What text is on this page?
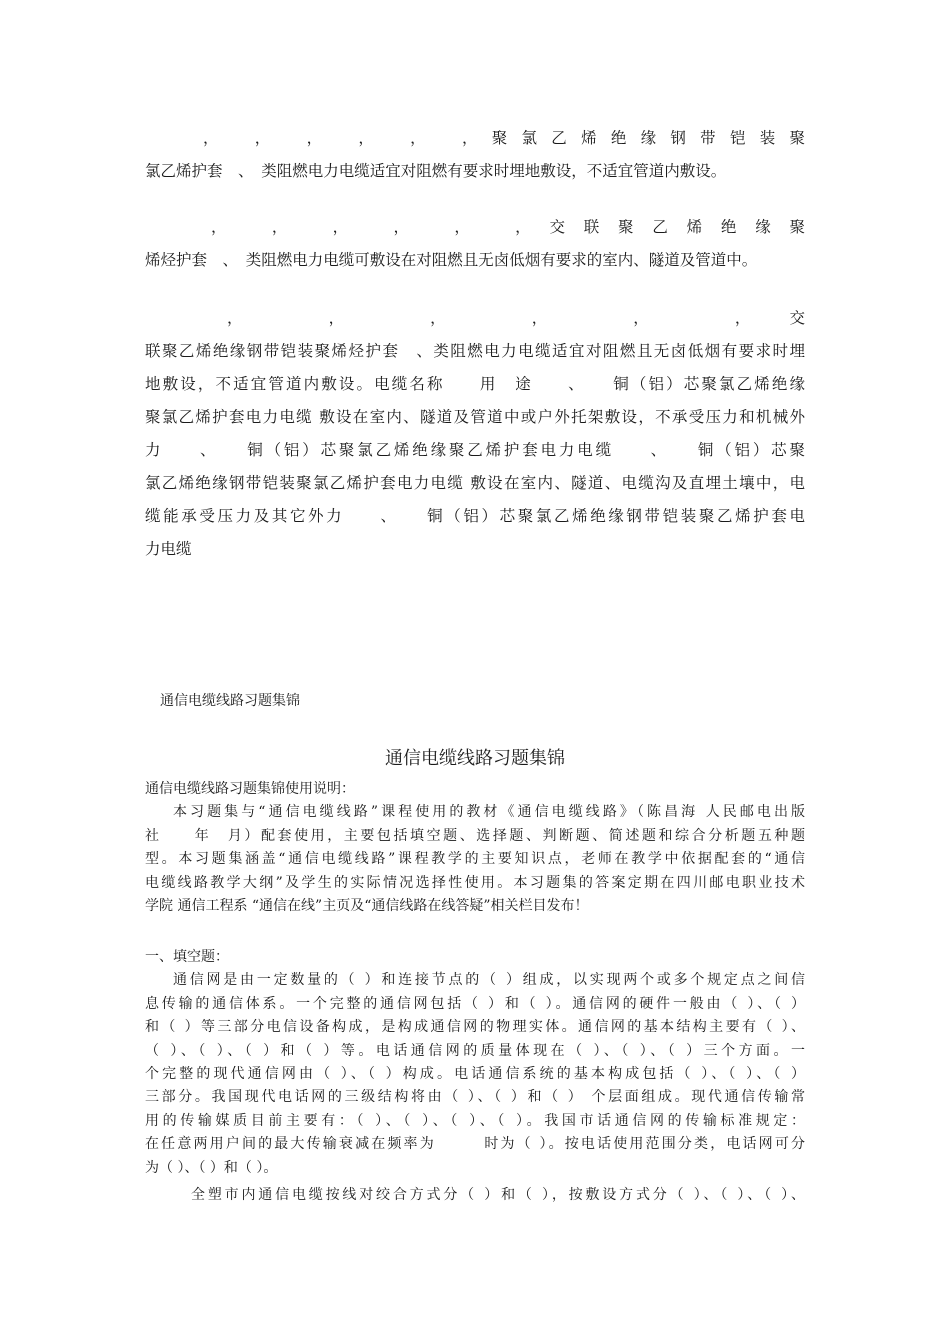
，　，　，　，　，　，聚氯乙烯绝缘钢带铠装聚
氯乙烯护套　、　类阻燃电力电缆适宜对阻燃有要求时埋地敷设，不适宜管道内敷设。
，　，　，　，　，　，交联聚乙烯绝缘聚
烯烃护套　、　类阻燃电力电缆可敷设在对阻燃且无卤低烟有要求的室内、隧道及管道中。
，　，　，　，　，　，交
联聚乙烯绝缘钢带铠装聚烯烃护套　、类阻燃电力电缆适宜对阻燃且无卤低烟有要求时埋
地敷设，不适宜管道内敷设。电缆名称　　用　途　　、　　铜（铝）芯聚氯乙烯绝缘
聚氯乙烯护套电力电缆 敷设在室内、隧道及管道中或户外托架敷设，不承受压力和机械外
力　　、　　铜（铝）芯聚氯乙烯绝缘聚乙烯护套电力电缆　　、　　铜（铝）芯聚
氯乙烯绝缘钢带铠装聚氯乙烯护套电力电缆 敷设在室内、隧道、电缆沟及直埋土壤中，电
缆能承受压力及其它外力　　、　　铜（铝）芯聚氯乙烯绝缘钢带铠装聚乙烯护套电
力电缆
通信电缆线路习题集锦
通信电缆线路习题集锦
通信电缆线路习题集锦使用说明：
本习题集与“通信电缆线路”课程使用的教材《通信电缆线路》（陈昌海 人民邮电出版
社　　年　月）配套使用，主要包括填空题、选择题、判断题、简述题和综合分析题五种题
型。本习题集涵盖“通信电缆线路”课程教学的主要知识点，老师在教学中依据配套的“通信
电缆线路教学大纲”及学生的实际情况选择性使用。本习题集的答案定期在四川邮电职业技术
学院 通信工程系 “通信在线”主页及“通信线路在线答疑”相关栏目发布！
一、填空题：
通信网是由一定数量的（ ）和连接节点的（ ）组成，以实现两个或多个规定点之间信
息传输的通信体系。一个完整的通信网包括（ ）和（ ）。通信网的硬件一般由（ ）、（ ）
和（ ）等三部分电信设备构成，是构成通信网的物理实体。通信网的基本结构主要有（ ）、
（ ）、（ ）、（ ）和（ ）等。电话通信网的质量体现在（ ）、（ ）、（ ）三个方面。一
个完整的现代通信网由（ ）、（ ）构成。电话通信系统的基本构成包括（ ）、（ ）、（ ）
三部分。我国现代电话网的三级结构将由（ ）、（ ）和（ ） 个层面组成。现代通信传输常
用的传输媒质目前主要有：（ ）、（ ）、（ ）、（ ）。我国市话通信网的传输标准规定：
在任意两用户间的最大传输衰减在频率为　　　时为（ ）。按电话使用范围分类，电话网可分
为（ ）、（ ）和（ ）。
全塑市内通信电缆按线对绞合方式分（ ）和（ ），按敷设方式分（ ）、（ ）、（ ）、
